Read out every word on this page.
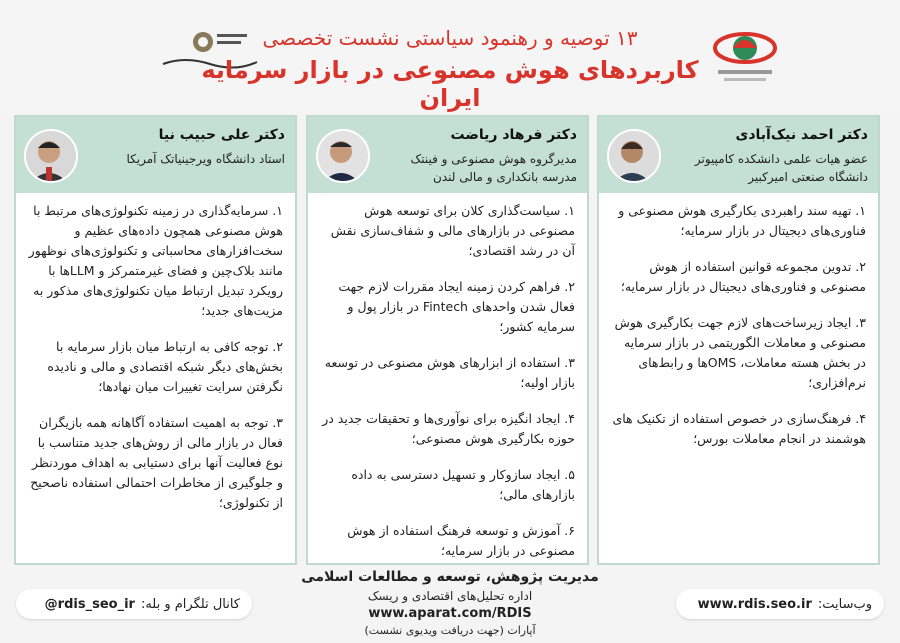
۱۳ توصیه و رهنمود سیاستی نشست تخصصی
کاربردهای هوش مصنوعی در بازار سرمایه ایران
دکتر احمد نیک‌آبادی
عضو هیات علمی دانشکده کامپیوتر دانشگاه صنعتی امیرکبیر
۱. تهیه سند راهبردی بکارگیری هوش مصنوعی و فناوری‌های دیجیتال در بازار سرمایه؛
۲. تدوین مجموعه قوانین استفاده از هوش مصنوعی و فناوری‌های دیجیتال در بازار سرمایه؛
۳. ایجاد زیرساخت‌های لازم جهت بکارگیری هوش مصنوعی و معاملات الگوریتمی در بازار سرمایه در بخش هسته معاملات، OMSها و رابط‌های نرم‌افزاری؛
۴. فرهنگ‌سازی در خصوص استفاده از تکنیک های هوشمند در انجام معاملات بورس؛
دکتر فرهاد ریاضت
مدیرگروه هوش مصنوعی و فینتک مدرسه بانکداری و مالی لندن
۱. سیاست‌گذاری کلان برای توسعه هوش مصنوعی در بازارهای مالی و شفاف‌سازی نقش آن در رشد اقتصادی؛
۲. فراهم کردن زمینه ایجاد مقررات لازم جهت فعال شدن واحدهای Fintech در بازار پول و سرمایه کشور؛
۳. استفاده از ابزارهای هوش مصنوعی در توسعه بازار اولیه؛
۴. ایجاد انگیزه برای نوآوری‌ها و تحقیقات جدید در حوزه بکارگیری هوش مصنوعی؛
۵. ایجاد سازوکار و تسهیل دسترسی به داده بازارهای مالی؛
۶. آموزش و توسعه فرهنگ استفاده از هوش مصنوعی در بازار سرمایه؛
دکتر علی حبیب نیا
استاد دانشگاه ویرجینیاتک آمریکا
۱. سرمایه‌گذاری در زمینه تکنولوژی‌های مرتبط با هوش مصنوعی همچون داده‌های عظیم و سخت‌افزارهای محاسباتی و تکنولوژی‌های نوظهور مانند بلاک‌چین و فضای غیرمتمرکز و LLMها با رویکرد تبدیل ارتباط میان تکنولوژی‌های مذکور به مزیت‌های جدید؛
۲. توجه کافی به ارتباط میان بازار سرمایه با بخش‌های دیگر شبکه اقتصادی و مالی و نادیده نگرفتن سرایت تغییرات میان نهادها؛
۳. توجه به اهمیت استفاده آگاهانه همه بازیگران فعال در بازار مالی از روش‌های جدید متناسب با نوع فعالیت آنها برای دستیابی به اهداف موردنظر و جلوگیری از مخاطرات احتمالی استفاده ناصحیح از تکنولوژی؛
مدیریت پژوهش، توسعه و مطالعات اسلامی
اداره تحلیل‌های اقتصادی و ریسک
www.aparat.com/RDIS
آپارات (جهت دریافت ویدیوی نشست)
وب‌سایت:
www.rdis.seo.ir
کانال تلگرام و بله:
@rdis_seo_ir
